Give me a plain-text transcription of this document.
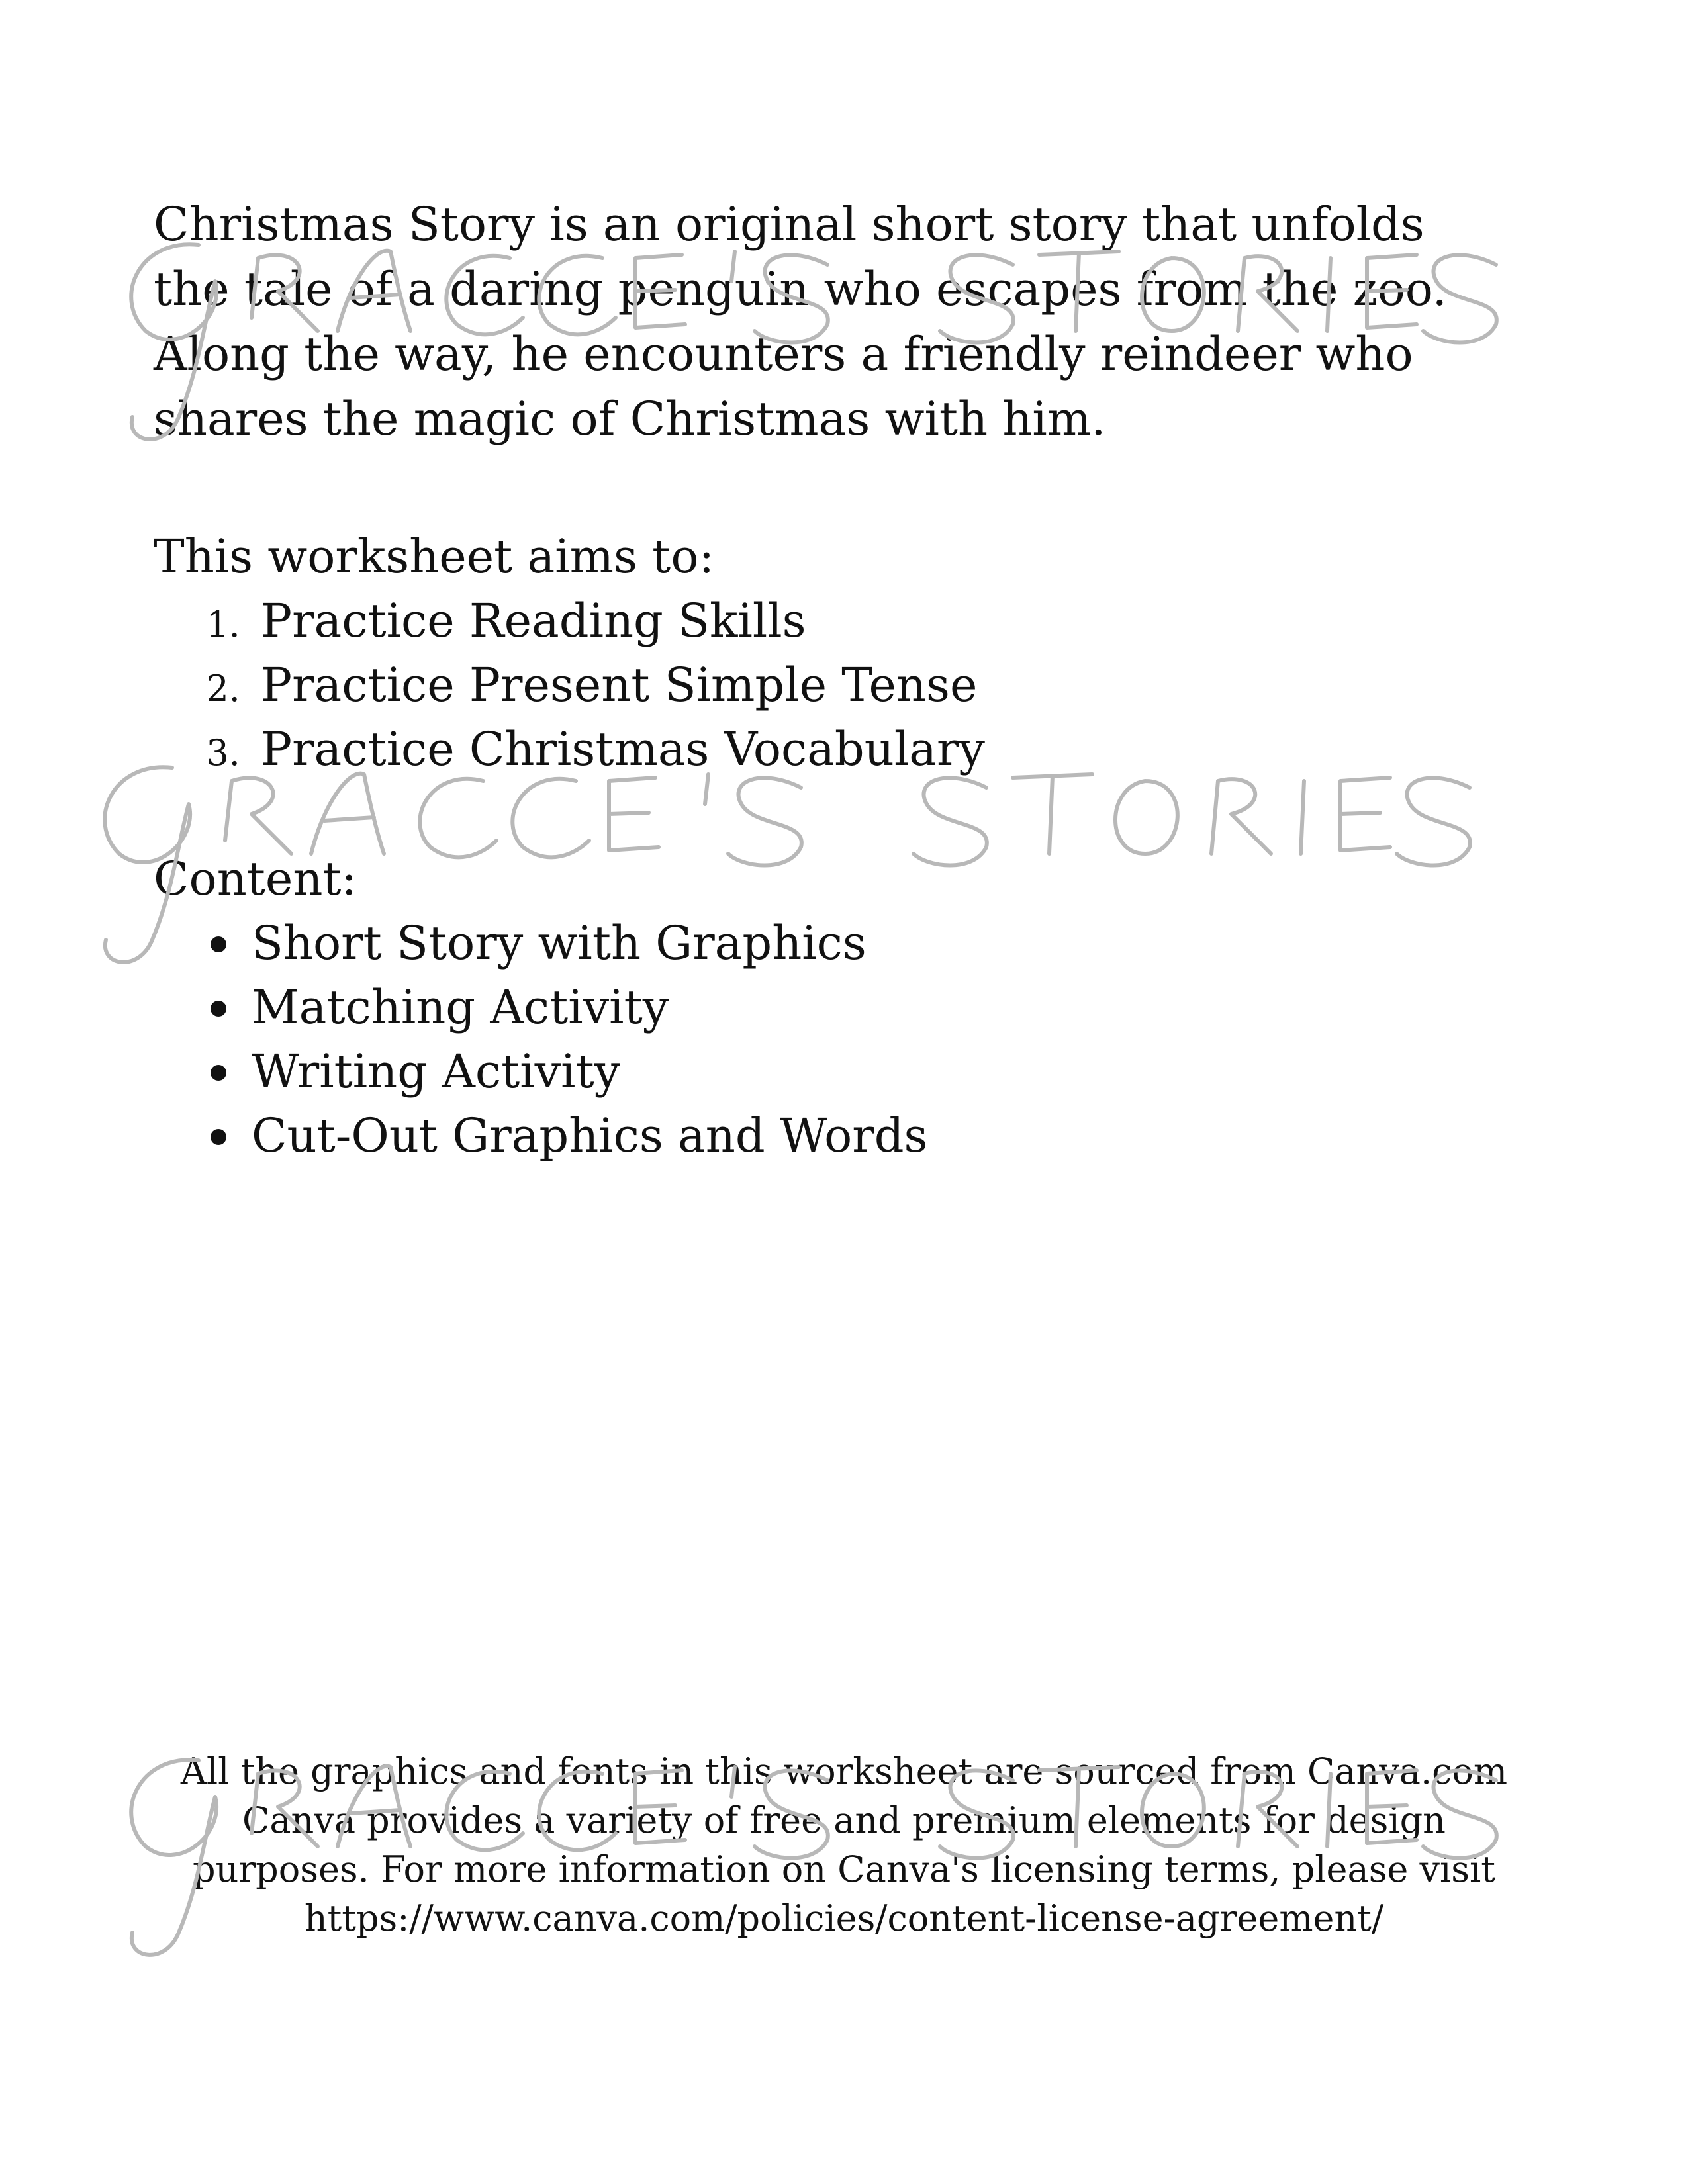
Christmas Story is an original short story that unfolds
the tale of a daring penguin who escapes from the zoo.
Along the way, he encounters a friendly reindeer who
shares the magic of Christmas with him.

This worksheet aims to:

1. Practice Reading Skills
2. Practice Present Simple Tense
3. Practice Christmas Vocabulary

Content:

Short Story with Graphics
Matching Activity
Writing Activity
Cut-Out Graphics and Words

All the graphics and fonts in this worksheet are sourced from Canva.com
Canva provides a variety of free and premium elements for design
purposes. For more information on Canva's licensing terms, please visit
https://www.canva.com/policies/content-license-agreement/
